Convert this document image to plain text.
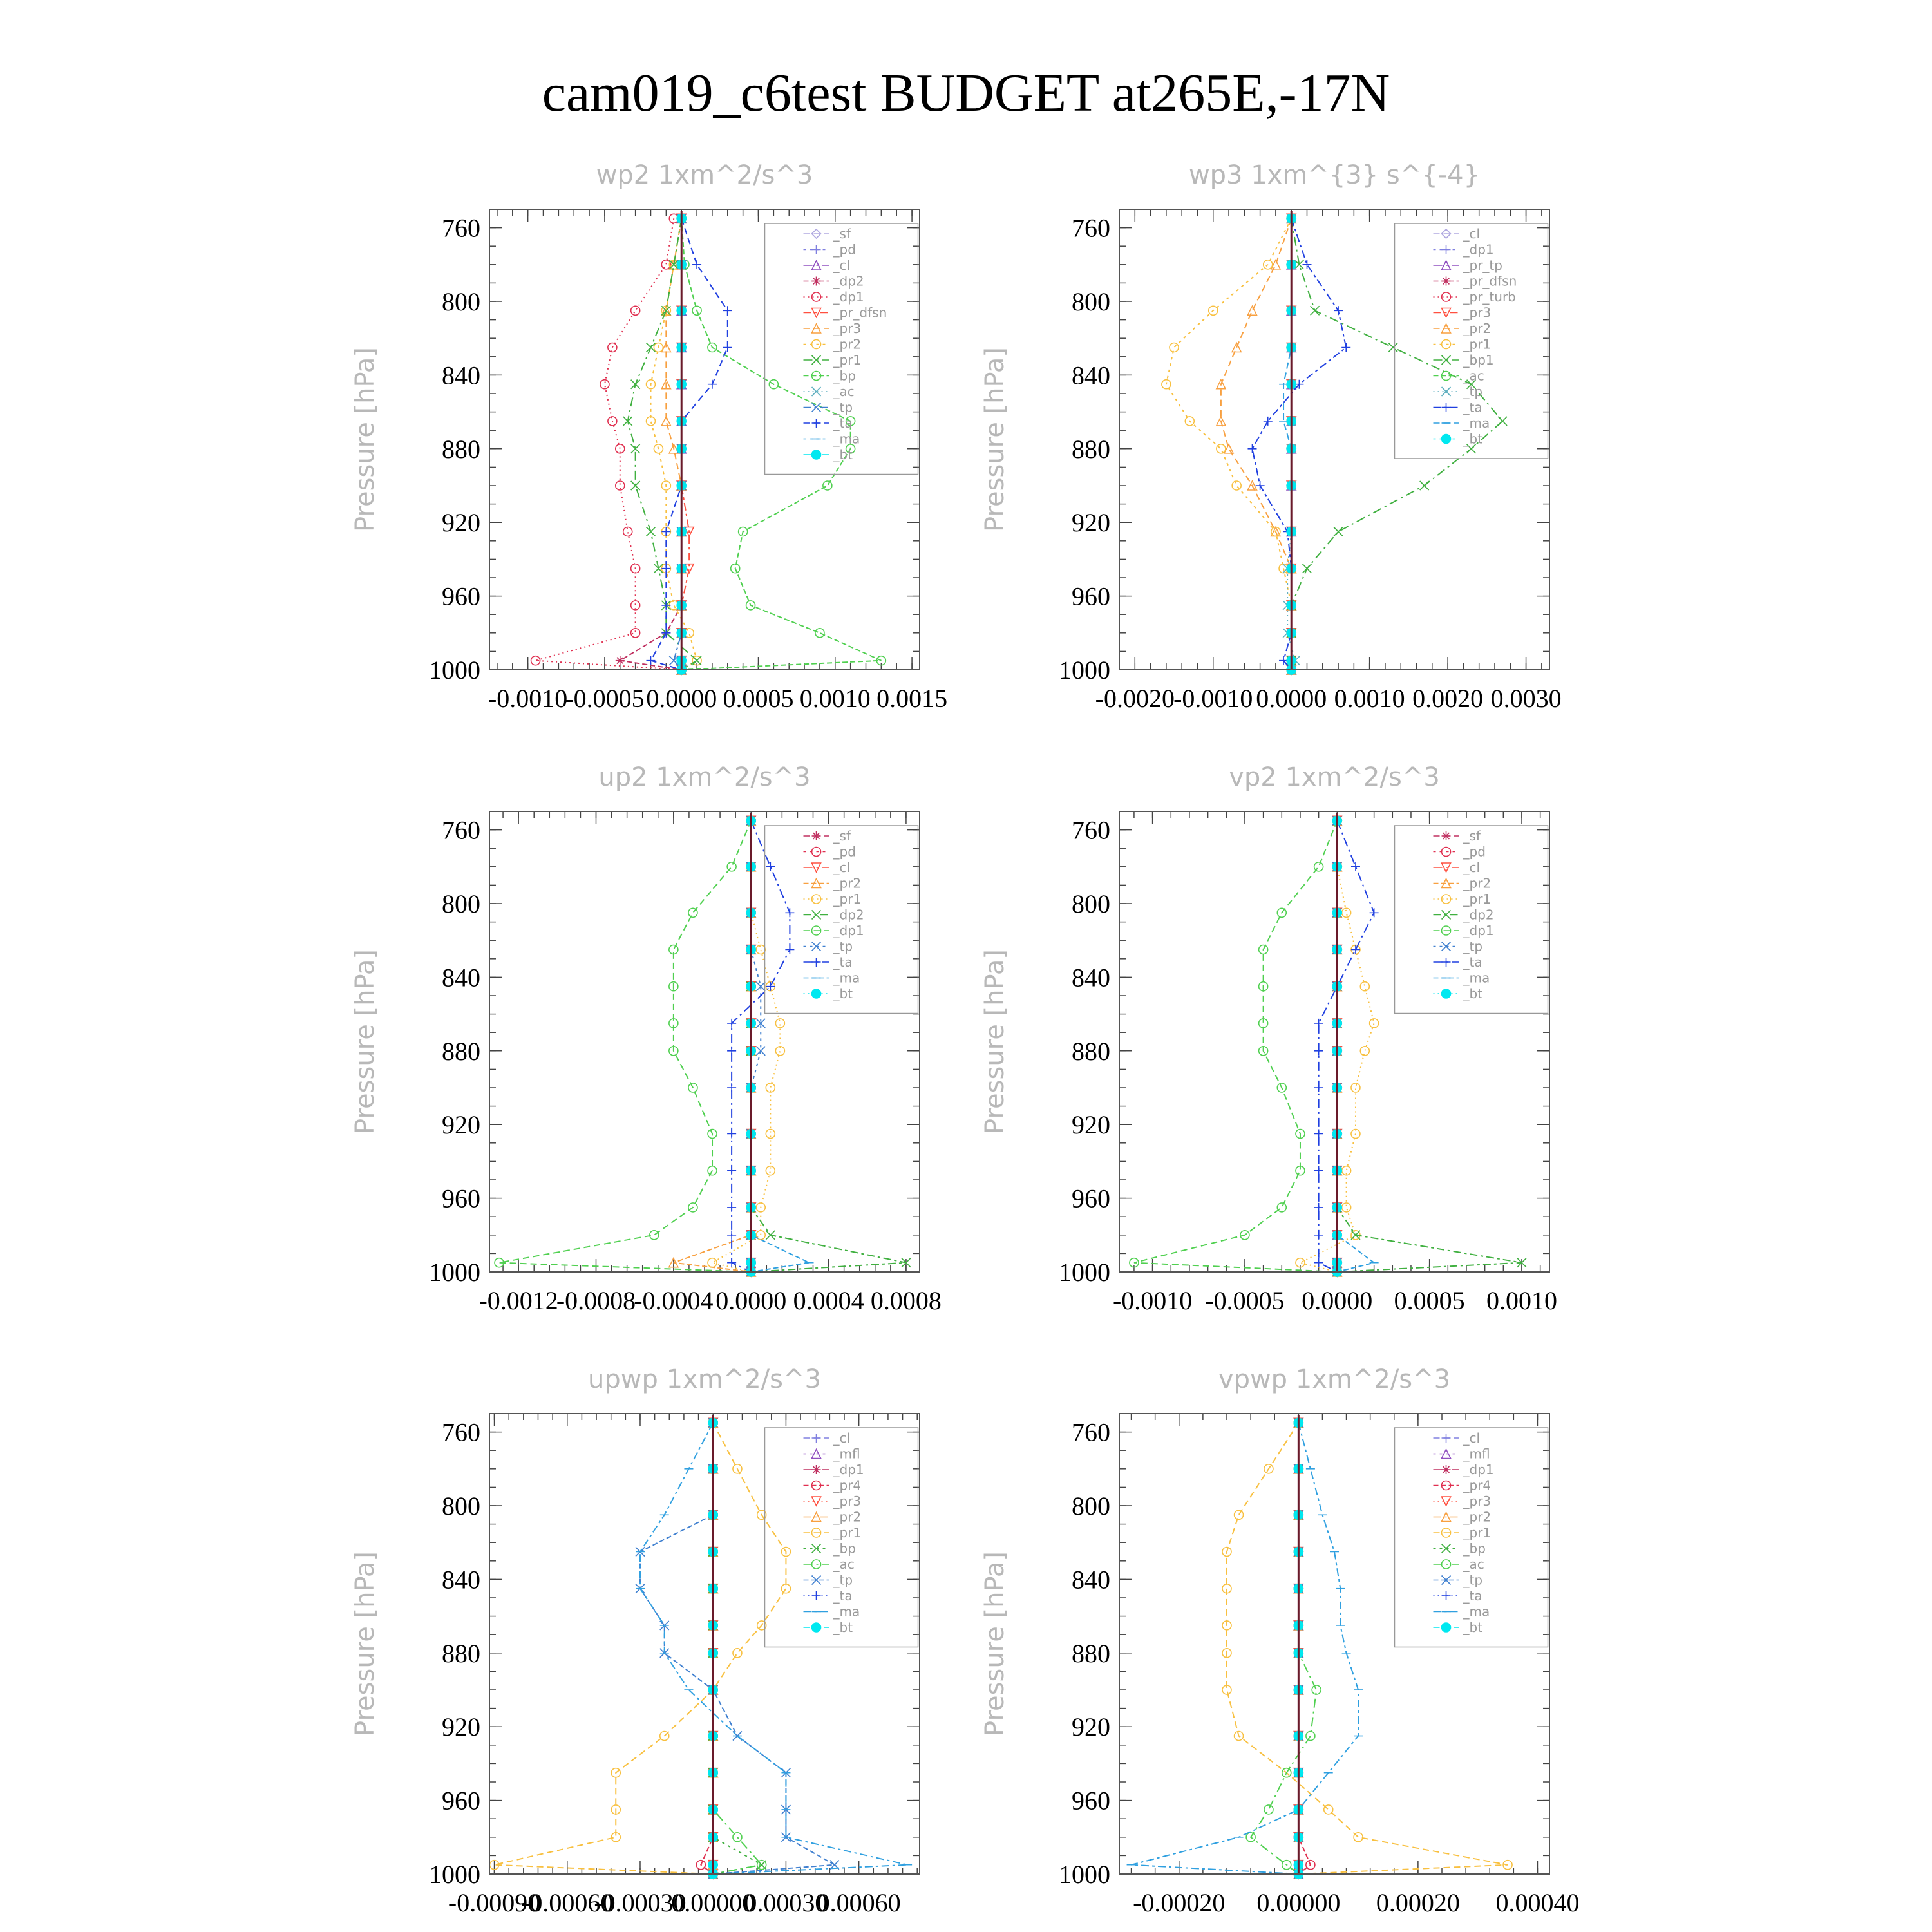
cam019_c6test BUDGET at265E,-17N
wp2 1xm^2/s^3
Pressure [hPa]
760
800
840
880
920
960
1000
-0.0010
-0.0005 0.0000 0.0005 0.0010 0.0015
_sf
_pd
_cl
_dp2
_dp1
_pr_dfsn
_pr3
_pr2
_pr1
_bp
_ac
_tp
_ta
_ma
_bt
wp3 1xm^{3} s^{-4}
Pressure [hPa]
760
800
840
880
920
960
1000
-0.0020
-0.0010 0.0000 0.0010 0.0020 0.0030
_cl
_dp1
_pr_tp
_pr_dfsn
_pr_turb
_pr3
_pr2
_pr1
_bp1
_ac
_tp
_ta
_ma
_bt
up2 1xm^2/s^3
Pressure [hPa]
760
800
840
880
920
960
1000
-0.0012
-0.0008
-0.0004 0.0000 0.0004 0.0008
_sf
_pd
_cl
_pr2
_pr1
_dp2
_dp1
_tp
_ta
_ma
_bt
vp2 1xm^2/s^3
Pressure [hPa]
760
800
840
880
920
960
1000
-0.0010 -0.0005 0.0000 0.0005 0.0010
_sf
_pd
_cl
_pr2
_pr1
_dp2
_dp1
_tp
_ta
_ma
_bt
upwp 1xm^2/s^3
Pressure [hPa]
760
800
840
880
920
960
1000
-0.00090
-0.00060
-0.00030
0.00000
0.00030
0.00060
_cl
_mfl
_dp1
_pr4
_pr3
_pr2
_pr1
_bp
_ac
_tp
_ta
_ma
_bt
vpwp 1xm^2/s^3
Pressure [hPa]
760
800
840
880
920
960
1000
-0.00020 0.00000 0.00020 0.00040
_cl
_mfl
_dp1
_pr4
_pr3
_pr2
_pr1
_bp
_ac
_tp
_ta
_ma
_bt
